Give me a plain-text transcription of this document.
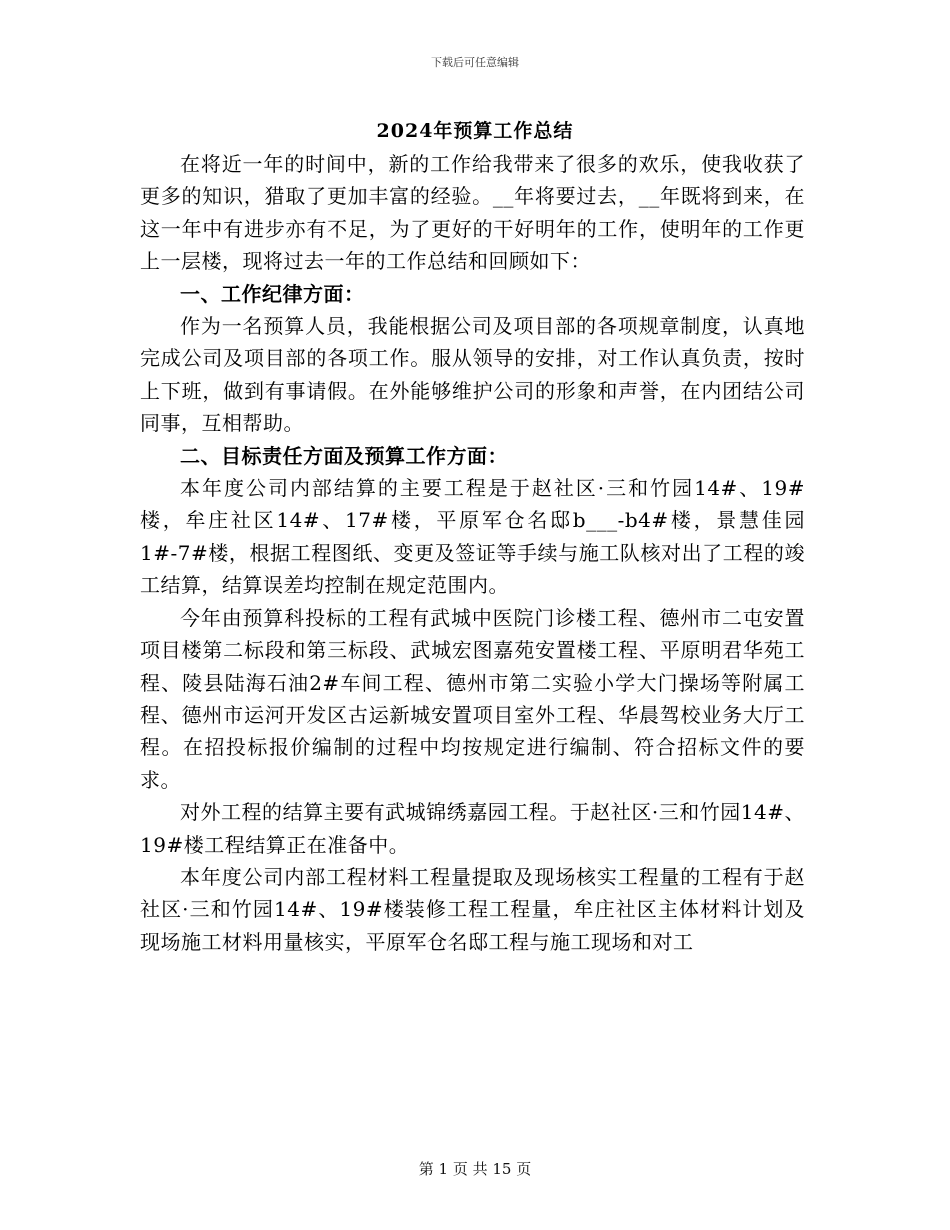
下载后可任意编辑
2024年预算工作总结

在将近一年的时间中，新的工作给我带来了很多的欢乐，使我收获了更多的知识，猎取了更加丰富的经验。__年将要过去，__年既将到来，在这一年中有进步亦有不足，为了更好的干好明年的工作，使明年的工作更上一层楼，现将过去一年的工作总结和回顾如下：

一、工作纪律方面：

作为一名预算人员，我能根据公司及项目部的各项规章制度，认真地完成公司及项目部的各项工作。服从领导的安排，对工作认真负责，按时上下班，做到有事请假。在外能够维护公司的形象和声誉，在内团结公司同事，互相帮助。

二、目标责任方面及预算工作方面：

本年度公司内部结算的主要工程是于赵社区·三和竹园14#、19#楼，牟庄社区14#、17#楼，平原军仓名邸b___-b4#楼，景慧佳园1#-7#楼，根据工程图纸、变更及签证等手续与施工队核对出了工程的竣工结算，结算误差均控制在规定范围内。

今年由预算科投标的工程有武城中医院门诊楼工程、德州市二屯安置项目楼第二标段和第三标段、武城宏图嘉苑安置楼工程、平原明君华苑工程、陵县陆海石油2#车间工程、德州市第二实验小学大门操场等附属工程、德州市运河开发区古运新城安置项目室外工程、华晨驾校业务大厅工程。在招投标报价编制的过程中均按规定进行编制、符合招标文件的要求。

对外工程的结算主要有武城锦绣嘉园工程。于赵社区·三和竹园14#、19#楼工程结算正在准备中。

本年度公司内部工程材料工程量提取及现场核实工程量的工程有于赵社区·三和竹园14#、19#楼装修工程工程量，牟庄社区主体材料计划及现场施工材料用量核实，平原军仓名邸工程与施工现场和对工

第 1 页 共 15 页
